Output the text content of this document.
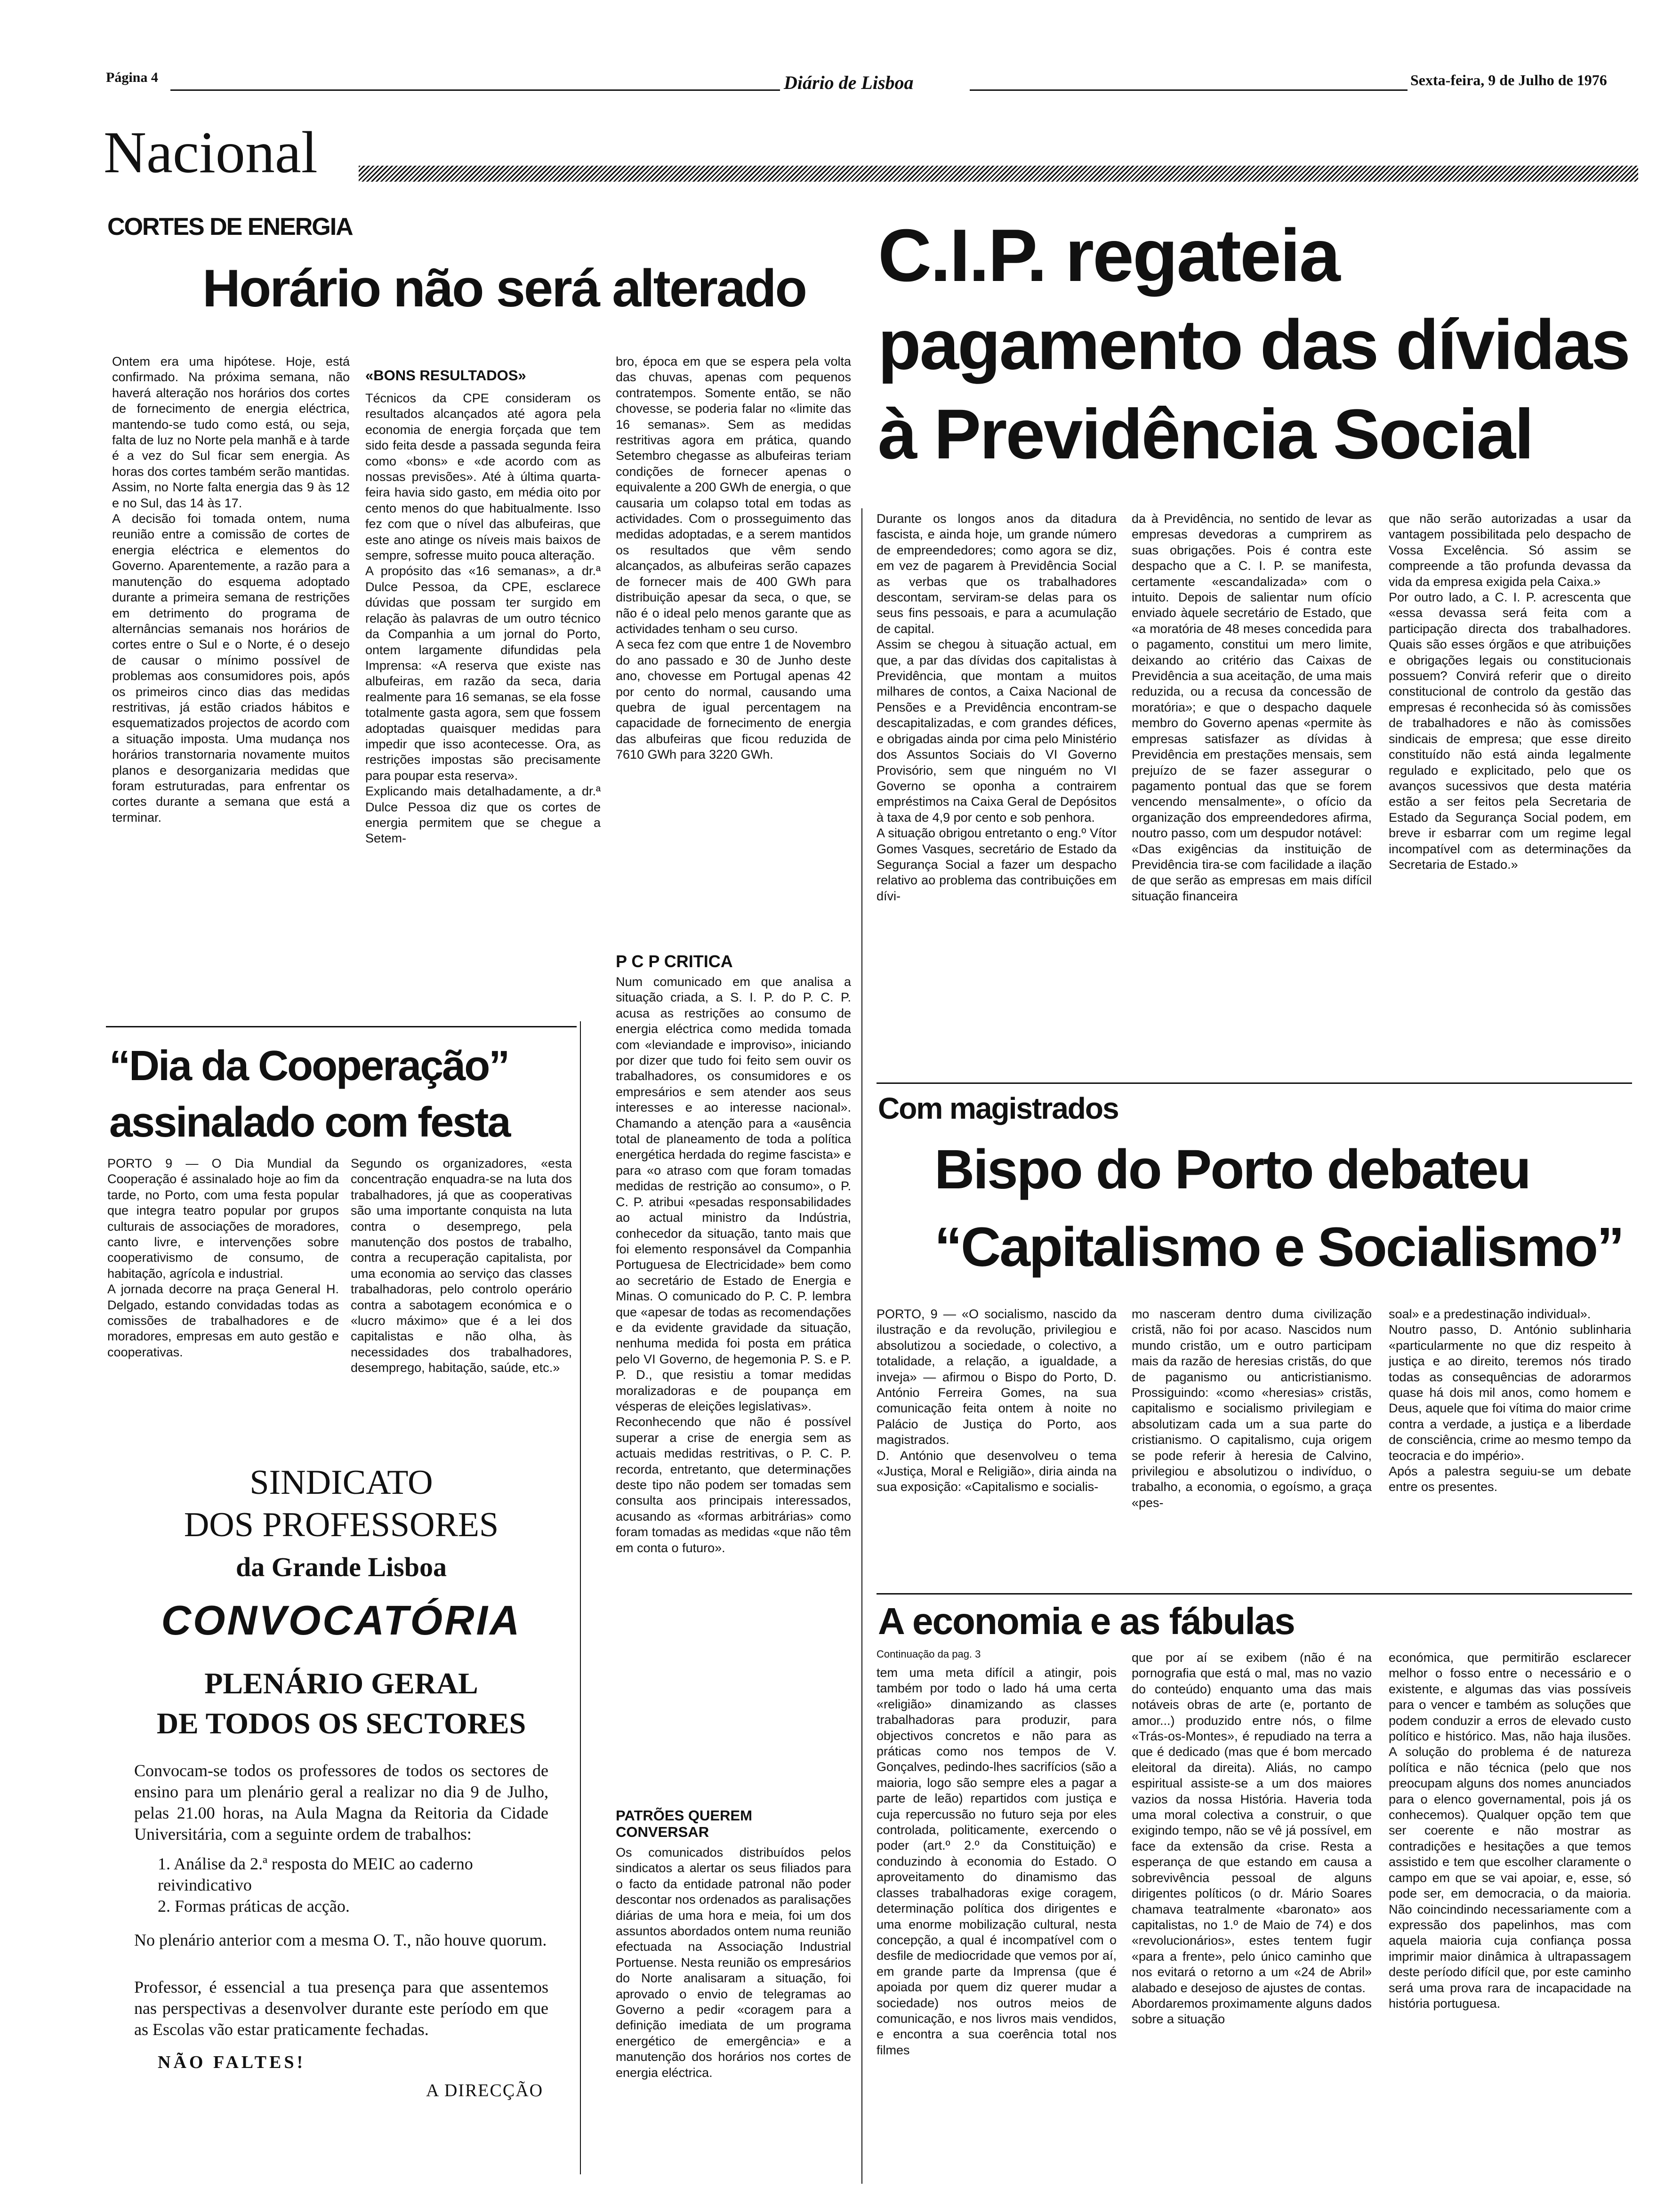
Página 4	Diário de Lisboa	Sexta-feira, 9 de Julho de 1976
Nacional
CORTES DE ENERGIA
Horário não será alterado
Ontem era uma hipótese. Hoje, está confirmado. Na próxima semana, não haverá alteração nos horários dos cortes de fornecimento de energia eléctrica, mantendo-se tudo como está, ou seja, falta de luz no Norte pela manhã e à tarde é a vez do Sul ficar sem energia. As horas dos cortes também serão mantidas. Assim, no Norte falta energia das 9 às 12 e no Sul, das 14 às 17.
A decisão foi tomada ontem, numa reunião entre a comissão de cortes de energia eléctrica e elementos do Governo. Aparentemente, a razão para a manutenção do esquema adoptado durante a primeira semana de restrições em detrimento do programa de alternâncias semanais nos horários de cortes entre o Sul e o Norte, é o desejo de causar o mínimo possível de problemas aos consumidores pois, após os primeiros cinco dias das medidas restritivas, já estão criados hábitos e esquematizados projectos de acordo com a situação imposta. Uma mudança nos horários transtornaria novamente muitos planos e desorganizaria medidas que foram estruturadas, para enfrentar os cortes durante a semana que está a terminar.
«BONS RESULTADOS»
Técnicos da CPE consideram os resultados alcançados até agora pela economia de energia forçada que tem sido feita desde a passada segunda feira como «bons» e «de acordo com as nossas previsões». Até à última quarta-feira havia sido gasto, em média oito por cento menos do que habitualmente. Isso fez com que o nível das albufeiras, que este ano atinge os níveis mais baixos de sempre, sofresse muito pouca alteração.
A propósito das «16 semanas», a dr.ª Dulce Pessoa, da CPE, esclarece dúvidas que possam ter surgido em relação às palavras de um outro técnico da Companhia a um jornal do Porto, ontem largamente difundidas pela Imprensa: «A reserva que existe nas albufeiras, em razão da seca, daria realmente para 16 semanas, se ela fosse totalmente gasta agora, sem que fossem adoptadas quaisquer medidas para impedir que isso acontecesse. Ora, as restrições impostas são precisamente para poupar esta reserva».
Explicando mais detalhadamente, a dr.ª Dulce Pessoa diz que os cortes de energia permitem que se chegue a Setem-
bro, época em que se espera pela volta das chuvas, apenas com pequenos contratempos. Somente então, se não chovesse, se poderia falar no «limite das 16 semanas». Sem as medidas restritivas agora em prática, quando Setembro chegasse as albufeiras teriam condições de fornecer apenas o equivalente a 200 GWh de energia, o que causaria um colapso total em todas as actividades. Com o prosseguimento das medidas adoptadas, e a serem mantidos os resultados que vêm sendo alcançados, as albufeiras serão capazes de fornecer mais de 400 GWh para distribuição apesar da seca, o que, se não é o ideal pelo menos garante que as actividades tenham o seu curso.
A seca fez com que entre 1 de Novembro do ano passado e 30 de Junho deste ano, chovesse em Portugal apenas 42 por cento do normal, causando uma quebra de igual percentagem na capacidade de fornecimento de energia das albufeiras que ficou reduzida de 7610 GWh para 3220 GWh.
P C P CRITICA
Num comunicado em que analisa a situação criada, a S. I. P. do P. C. P. acusa as restrições ao consumo de energia eléctrica como medida tomada com «leviandade e improviso», iniciando por dizer que tudo foi feito sem ouvir os trabalhadores, os consumidores e os empresários e sem atender aos seus interesses e ao interesse nacional». Chamando a atenção para a «ausência total de planeamento de toda a política energética herdada do regime fascista» e para «o atraso com que foram tomadas medidas de restrição ao consumo», o P. C. P. atribui «pesadas responsabilidades ao actual ministro da Indústria, conhecedor da situação, tanto mais que foi elemento responsável da Companhia Portuguesa de Electricidade» bem como ao secretário de Estado de Energia e Minas. O comunicado do P. C. P. lembra que «apesar de todas as recomendações e da evidente gravidade da situação, nenhuma medida foi posta em prática pelo VI Governo, de hegemonia P. S. e P. P. D., que resistiu a tomar medidas moralizadoras e de poupança em vésperas de eleições legislativas».
Reconhecendo que não é possível superar a crise de energia sem as actuais medidas restritivas, o P. C. P. recorda, entretanto, que determinações deste tipo não podem ser tomadas sem consulta aos principais interessados, acusando as «formas arbitrárias» como foram tomadas as medidas «que não têm em conta o futuro».
PATRÕES QUEREM CONVERSAR
Os comunicados distribuídos pelos sindicatos a alertar os seus filiados para o facto da entidade patronal não poder descontar nos ordenados as paralisações diárias de uma hora e meia, foi um dos assuntos abordados ontem numa reunião efectuada na Associação Industrial Portuense. Nesta reunião os empresários do Norte analisaram a situação, foi aprovado o envio de telegramas ao Governo a pedir «coragem para a definição imediata de um programa energético de emergência» e a manutenção dos horários nos cortes de energia eléctrica.
C.I.P. regateia
pagamento das dívidas
à Previdência Social
Durante os longos anos da ditadura fascista, e ainda hoje, um grande número de empreendedores; como agora se diz, em vez de pagarem à Previdência Social as verbas que os trabalhadores descontam, serviram-se delas para os seus fins pessoais, e para a acumulação de capital.
Assim se chegou à situação actual, em que, a par das dívidas dos capitalistas à Previdência, que montam a muitos milhares de contos, a Caixa Nacional de Pensões e a Previdência encontram-se descapitalizadas, e com grandes défices, e obrigadas ainda por cima pelo Ministério dos Assuntos Sociais do VI Governo Provisório, sem que ninguém no VI Governo se oponha a contrairem empréstimos na Caixa Geral de Depósitos à taxa de 4,9 por cento e sob penhora.
A situação obrigou entretanto o eng.º Vítor Gomes Vasques, secretário de Estado da Segurança Social a fazer um despacho relativo ao problema das contribuições em dívi-
da à Previdência, no sentido de levar as empresas devedoras a cumprirem as suas obrigações. Pois é contra este despacho que a C. I. P. se manifesta, certamente «escandalizada» com o intuito. Depois de salientar num ofício enviado àquele secretário de Estado, que «a moratória de 48 meses concedida para o pagamento, constitui um mero limite, deixando ao critério das Caixas de Previdência a sua aceitação, de uma mais reduzida, ou a recusa da concessão de moratória»; e que o despacho daquele membro do Governo apenas «permite às empresas satisfazer as dívidas à Previdência em prestações mensais, sem prejuízo de se fazer assegurar o pagamento pontual das que se forem vencendo mensalmente», o ofício da organização dos empreendedores afirma, noutro passo, com um despudor notável:
«Das exigências da instituição de Previdência tira-se com facilidade a ilação de que serão as empresas em mais difícil situação financeira
que não serão autorizadas a usar da vantagem possibilitada pelo despacho de Vossa Excelência. Só assim se compreende a tão profunda devassa da vida da empresa exigida pela Caixa.»
Por outro lado, a C. I. P. acrescenta que «essa devassa será feita com a participação directa dos trabalhadores. Quais são esses órgãos e que atribuições e obrigações legais ou constitucionais possuem? Convirá referir que o direito constitucional de controlo da gestão das empresas é reconhecida só às comissões de trabalhadores e não às comissões sindicais de empresa; que esse direito constituído não está ainda legalmente regulado e explicitado, pelo que os avanços sucessivos que desta matéria estão a ser feitos pela Secretaria de Estado da Segurança Social podem, em breve ir esbarrar com um regime legal incompatível com as determinações da Secretaria de Estado.»
“Dia da Cooperação”
assinalado com festa
PORTO 9 — O Dia Mundial da Cooperação é assinalado hoje ao fim da tarde, no Porto, com uma festa popular que integra teatro popular por grupos culturais de associações de moradores, canto livre, e intervenções sobre cooperativismo de consumo, de habitação, agrícola e industrial.
A jornada decorre na praça General H. Delgado, estando convidadas todas as comissões de trabalhadores e de moradores, empresas em auto gestão e cooperativas.
Segundo os organizadores, «esta concentração enquadra-se na luta dos trabalhadores, já que as cooperativas são uma importante conquista na luta contra o desemprego, pela manutenção dos postos de trabalho, contra a recuperação capitalista, por uma economia ao serviço das classes trabalhadoras, pelo controlo operário contra a sabotagem económica e o «lucro máximo» que é a lei dos capitalistas e não olha, às necessidades dos trabalhadores, desemprego, habitação, saúde, etc.»
SINDICATO
DOS PROFESSORES
da Grande Lisboa
CONVOCATÓRIA
PLENÁRIO GERAL
DE TODOS OS SECTORES
Convocam-se todos os professores de todos os sectores de ensino para um plenário geral a realizar no dia 9 de Julho, pelas 21.00 horas, na Aula Magna da Reitoria da Cidade Universitária, com a seguinte ordem de trabalhos:
1. Análise da 2.ª resposta do MEIC ao caderno reivindicativo
2. Formas práticas de acção.
No plenário anterior com a mesma O. T., não houve quorum.
Professor, é essencial a tua presença para que assentemos nas perspectivas a desenvolver durante este período em que as Escolas vão estar praticamente fechadas.
NÃO FALTES!
A DIRECÇÃO
Com magistrados
Bispo do Porto debateu
“Capitalismo e Socialismo”
PORTO, 9 — «O socialismo, nascido da ilustração e da revolução, privilegiou e absolutizou a sociedade, o colectivo, a totalidade, a relação, a igualdade, a inveja» — afirmou o Bispo do Porto, D. António Ferreira Gomes, na sua comunicação feita ontem à noite no Palácio de Justiça do Porto, aos magistrados.
D. António que desenvolveu o tema «Justiça, Moral e Religião», diria ainda na sua exposição: «Capitalismo e socialis-
mo nasceram dentro duma civilização cristã, não foi por acaso. Nascidos num mundo cristão, um e outro participam mais da razão de heresias cristãs, do que de paganismo ou anticristianismo. Prossiguindo: «como «heresias» cristãs, capitalismo e socialismo privilegiam e absolutizam cada um a sua parte do cristianismo. O capitalismo, cuja origem se pode referir à heresia de Calvino, privilegiou e absolutizou o indivíduo, o trabalho, a economia, o egoísmo, a graça «pes-
soal» e a predestinação individual».
Noutro passo, D. António sublinharia «particularmente no que diz respeito à justiça e ao direito, teremos nós tirado todas as consequências de adorarmos quase há dois mil anos, como homem e Deus, aquele que foi vítima do maior crime contra a verdade, a justiça e a liberdade de consciência, crime ao mesmo tempo da teocracia e do império».
Após a palestra seguiu-se um debate entre os presentes.
A economia e as fábulas
Continuação da pag. 3
tem uma meta difícil a atingir, pois também por todo o lado há uma certa «religião» dinamizando as classes trabalhadoras para produzir, para objectivos concretos e não para as práticas como nos tempos de V. Gonçalves, pedindo-lhes sacrifícios (são a maioria, logo são sempre eles a pagar a parte de leão) repartidos com justiça e cuja repercussão no futuro seja por eles controlada, politicamente, exercendo o poder (art.º 2.º da Constituição) e conduzindo à economia do Estado. O aproveitamento do dinamismo das classes trabalhadoras exige coragem, determinação política dos dirigentes e uma enorme mobilização cultural, nesta concepção, a qual é incompatível com o desfile de mediocridade que vemos por aí, em grande parte da Imprensa (que é apoiada por quem diz querer mudar a sociedade) nos outros meios de comunicação, e nos livros mais vendidos, e encontra a sua coerência total nos filmes
que por aí se exibem (não é na pornografia que está o mal, mas no vazio do conteúdo) enquanto uma das mais notáveis obras de arte (e, portanto de amor...) produzido entre nós, o filme «Trás-os-Montes», é repudiado na terra a que é dedicado (mas que é bom mercado eleitoral da direita). Aliás, no campo espiritual assiste-se a um dos maiores vazios da nossa História. Haveria toda uma moral colectiva a construir, o que exigindo tempo, não se vê já possível, em face da extensão da crise. Resta a esperança de que estando em causa a sobrevivência pessoal de alguns dirigentes políticos (o dr. Mário Soares chamava teatralmente «baronato» aos capitalistas, no 1.º de Maio de 74) e dos «revolucionários», estes tentem fugir «para a frente», pelo único caminho que nos evitará o retorno a um «24 de Abril» alabado e desejoso de ajustes de contas.
Abordaremos proximamente alguns dados sobre a situação
económica, que permitirão esclarecer melhor o fosso entre o necessário e o existente, e algumas das vias possíveis para o vencer e também as soluções que podem conduzir a erros de elevado custo político e histórico. Mas, não haja ilusões. A solução do problema é de natureza política e não técnica (pelo que nos preocupam alguns dos nomes anunciados para o elenco governamental, pois já os conhecemos). Qualquer opção tem que ser coerente e não mostrar as contradições e hesitações a que temos assistido e tem que escolher claramente o campo em que se vai apoiar, e, esse, só pode ser, em democracia, o da maioria. Não coincindindo necessariamente com a expressão dos papelinhos, mas com aquela maioria cuja confiança possa imprimir maior dinâmica à ultrapassagem deste período difícil que, por este caminho será uma prova rara de incapacidade na história portuguesa.
